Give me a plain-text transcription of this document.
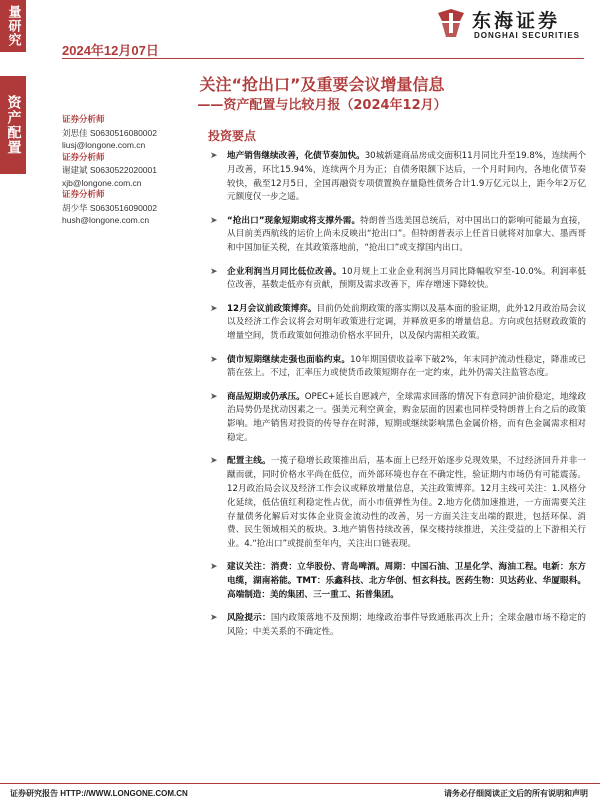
量研究
资产配置
2024年12月07日
东海证券
DONGHAI SECURITIES
关注“抢出口”及重要会议增量信息
——资产配置与比较月报（2024年12月）
证券分析师
刘思佳 S0630516080002
liusj@longone.com.cn
证券分析师
谢建斌 S0630522020001
xjb@longone.com.cn
证券分析师
胡少华 S0630516090002
hush@longone.com.cn
投资要点
➤ 地产销售继续改善，化债节奏加快。30城新建商品房成交面积11月同比升至19.8%，连续两个月改善，环比15.94%，连续两个月为正；自债务限额下达后，一个月时间内，各地化债节奏较快，截至12月5日，全国再融资专项债置换存量隐性债务合计1.9万亿元以上，距今年2万亿元额度仅一步之遥。
➤ “抢出口”现象短期或将支撑外需。特朗普当选美国总统后，对中国出口的影响可能最为直接，从目前美西航线的运价上尚未反映出“抢出口”。但特朗普表示上任首日就将对加拿大、墨西哥和中国加征关税，在其政策落地前，“抢出口”或支撑国内出口。
➤ 企业利润当月同比低位改善。10月规上工业企业利润当月同比降幅收窄至-10.0%。利润率低位改善，基数走低亦有贡献，预期及需求改善下，库存增速下降较快。
➤ 12月会议前政策博弈。目前仍处前期政策的落实期以及基本面的验证期，此外12月政治局会议以及经济工作会议将会对明年政策进行定调，并释放更多的增量信息。方向或包括财政政策的增量空间，货币政策如何推动价格水平回升，以及保内需相关政策。
➤ 债市短期继续走强也面临约束。10年期国债收益率下破2%，年末同护流动性稳定，降准或已箭在弦上。不过，汇率压力或使货币政策短期存在一定约束，此外仍需关注监管态度。
➤ 商品短期或仍承压。OPEC+延长自愿减产，全球需求回落的情况下有意同护油价稳定，地缘政治局势仍是扰动因素之一。强美元利空黄金，购金层面的因素也同样受特朗普上台之后的政策影响。地产销售对投资的传导存在时滞，短期或继续影响黑色金属价格，而有色金属需求相对稳定。
➤ 配置主线。一揽子稳增长政策推出后，基本面上已经开始逐步兑现效果，不过经济回升并非一蹴而就，同时价格水平尚在低位，而外部环境也存在不确定性，验证期内市场仍有可能震荡。12月政治局会议及经济工作会议或释放增量信息，关注政策博弈。12月主线可关注：1.风格分化延续，低估值红利稳定性占优，而小市值弹性为佳。2.地方化债加速推进，一方面需要关注存量债务化解后对实体企业资金流动性的改善，另一方面关注支出端的跟进，包括环保、消费、民生领域相关的板块。3.地产销售持续改善，保交楼持续推进，关注受益的上下游相关行业。4.“抢出口”或提前至年内，关注出口链表现。
➤ 建议关注：消费：立华股份、青岛啤酒。周期：中国石油、卫星化学、海油工程。电新：东方电缆，湖南裕能。TMT：乐鑫科技、北方华创、恒玄科技。医药生物：贝达药业、华厦眼科。高端制造：美的集团、三一重工、拓普集团。
➤ 风险提示：国内政策落地不及预期；地缘政治事件导致通胀再次上升；全球金融市场不稳定的风险；中美关系的不确定性。
证券研究报告 HTTP://WWW.LONGONE.COM.CN	请务必仔细阅读正文后的所有说明和声明
